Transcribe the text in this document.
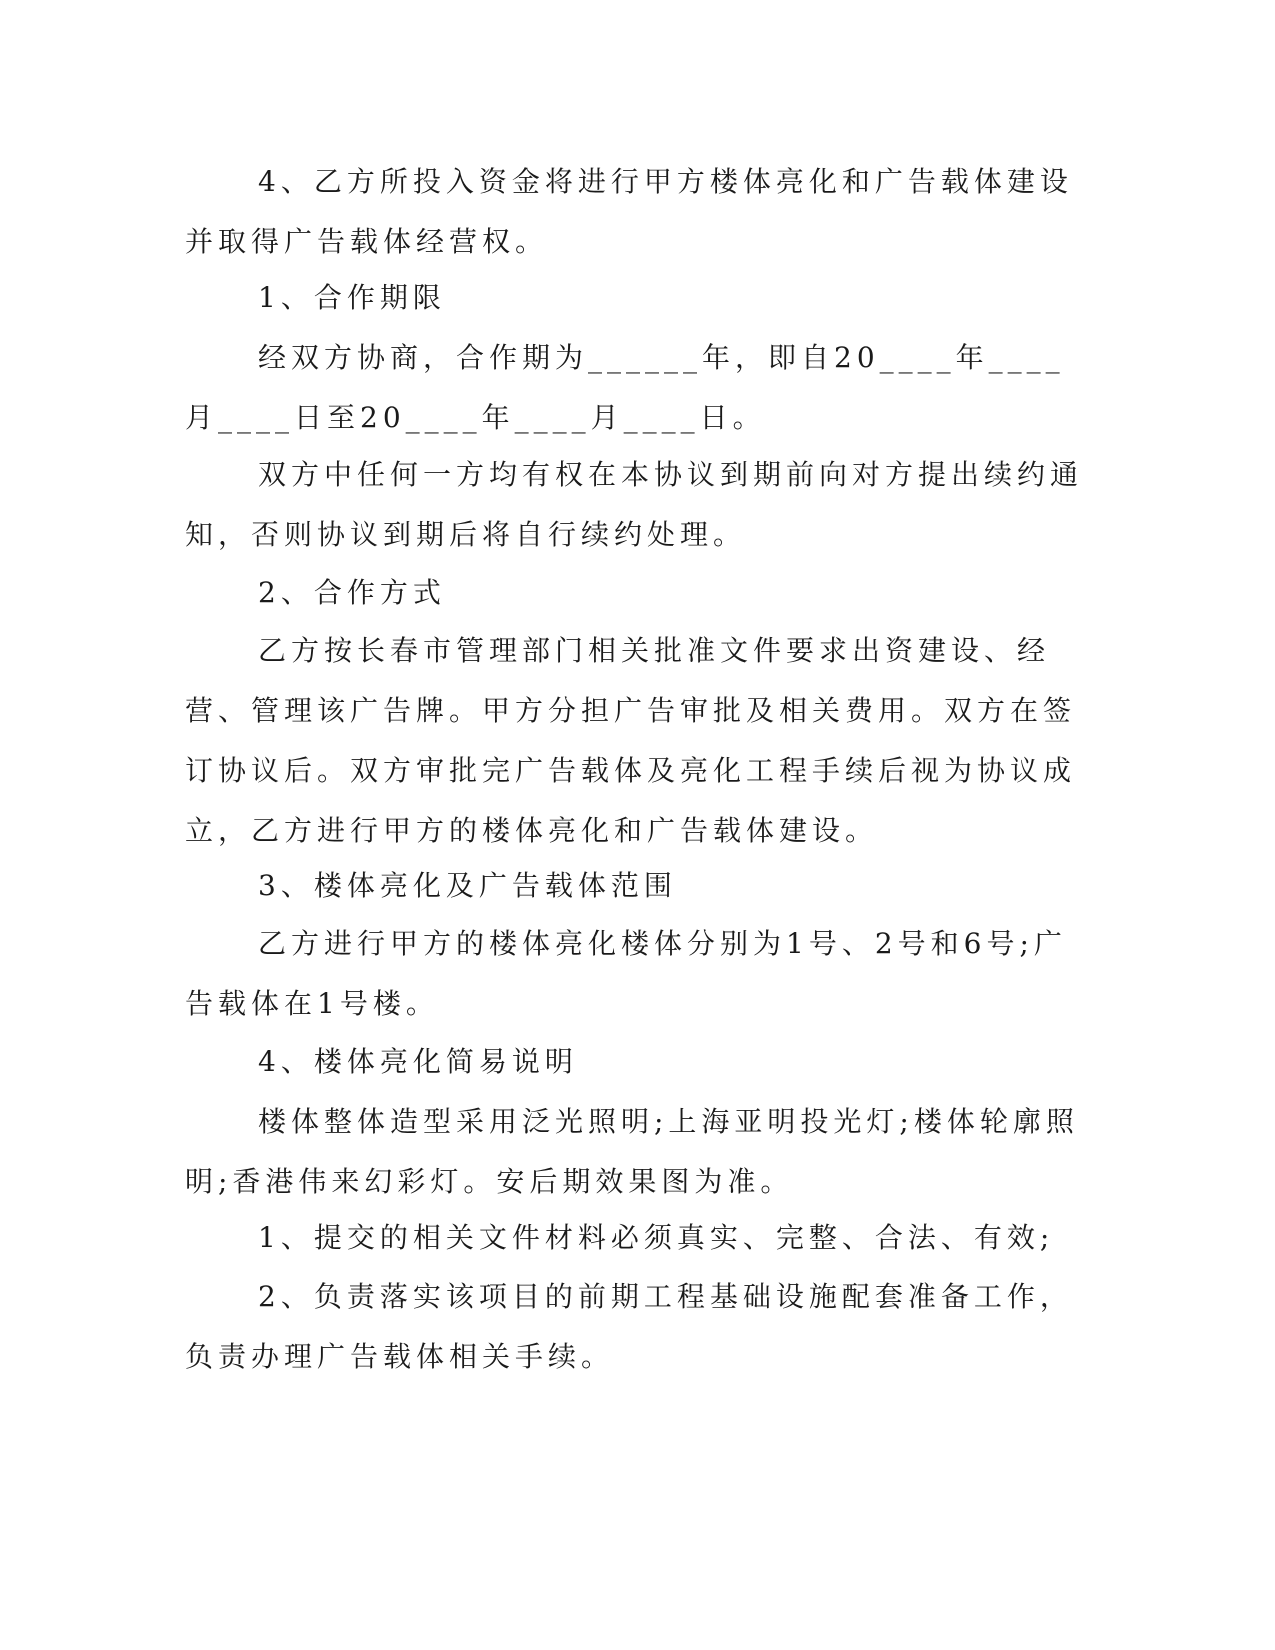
4、乙方所投入资金将进行甲方楼体亮化和广告载体建设并取得广告载体经营权。

1、合作期限

经双方协商，合作期为______年，即自20____年____月____日至20____年____月____日。

双方中任何一方均有权在本协议到期前向对方提出续约通知，否则协议到期后将自行续约处理。

2、合作方式

乙方按长春市管理部门相关批准文件要求出资建设、经营、管理该广告牌。甲方分担广告审批及相关费用。双方在签订协议后。双方审批完广告载体及亮化工程手续后视为协议成立，乙方进行甲方的楼体亮化和广告载体建设。

3、楼体亮化及广告载体范围

乙方进行甲方的楼体亮化楼体分别为1号、2号和6号;广告载体在1号楼。

4、楼体亮化简易说明

楼体整体造型采用泛光照明;上海亚明投光灯;楼体轮廓照明;香港伟来幻彩灯。安后期效果图为准。

1、提交的相关文件材料必须真实、完整、合法、有效;

2、负责落实该项目的前期工程基础设施配套准备工作，负责办理广告载体相关手续。
